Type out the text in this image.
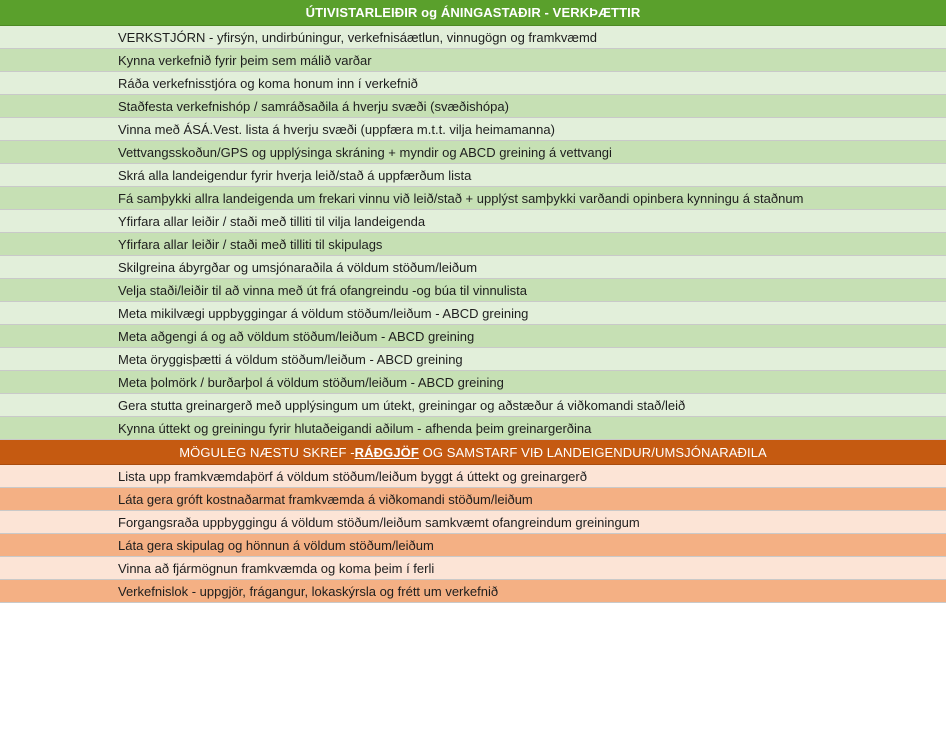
ÚTIVISTARLEIÐIR og ÁNINGASTAÐIR - VERKÞÆTTIR
VERKSTJÓRN - yfirsýn, undirbúningur, verkefnisáætlun, vinnugögn og framkvæmd
Kynna verkefnið fyrir þeim sem málið varðar
Ráða verkefnisstjóra og koma honum inn í verkefnið
Staðfesta verkefnishóp / samráðsaðila á hverju svæði (svæðishópa)
Vinna með ÁSÁ.Vest. lista á hverju svæði (uppfæra m.t.t. vilja heimamanna)
Vettvangsskoðun/GPS og upplýsinga skráning + myndir og ABCD greining á vettvangi
Skrá alla landeigendur fyrir hverja leið/stað á uppfærðum lista
Fá samþykki allra landeigenda um frekari vinnu við leið/stað + upplýst samþykki varðandi opinbera kynningu á staðnum
Yfirfara allar leiðir / staði með tilliti til vilja landeigenda
Yfirfara allar leiðir / staði með tilliti til skipulags
Skilgreina ábyrgðar og umsjónaraðila á völdum stöðum/leiðum
Velja staði/leiðir til að vinna með út frá ofangreindu -og búa til vinnulista
Meta mikilvægi uppbyggingar á völdum stöðum/leiðum - ABCD greining
Meta aðgengi á og að völdum stöðum/leiðum - ABCD greining
Meta öryggisþætti á völdum stöðum/leiðum - ABCD greining
Meta þolmörk / burðarþol á völdum stöðum/leiðum - ABCD greining
Gera stutta greinargerð með upplýsingum um útekt, greiningar og aðstæður á viðkomandi stað/leið
Kynna úttekt og greiningu fyrir hlutaðeigandi aðilum - afhenda þeim greinargerðina
MÖGULEG NÆSTU SKREF - RÁÐGJÖF OG SAMSTARF VIÐ LANDEIGENDUR/UMSJÓNARAÐILA
Lista upp framkvæmdaþörf á völdum stöðum/leiðum byggt á úttekt og greinargerð
Láta gera gróft kostnaðarmat framkvæmda á viðkomandi stöðum/leiðum
Forgangsraða uppbyggingu á völdum stöðum/leiðum samkvæmt ofangreindum greiningum
Láta gera skipulag og hönnun á völdum stöðum/leiðum
Vinna að fjármögnun framkvæmda og koma þeim í ferli
Verkefnislok - uppgjör, frágangur, lokaskýrsla og frétt um verkefnið
